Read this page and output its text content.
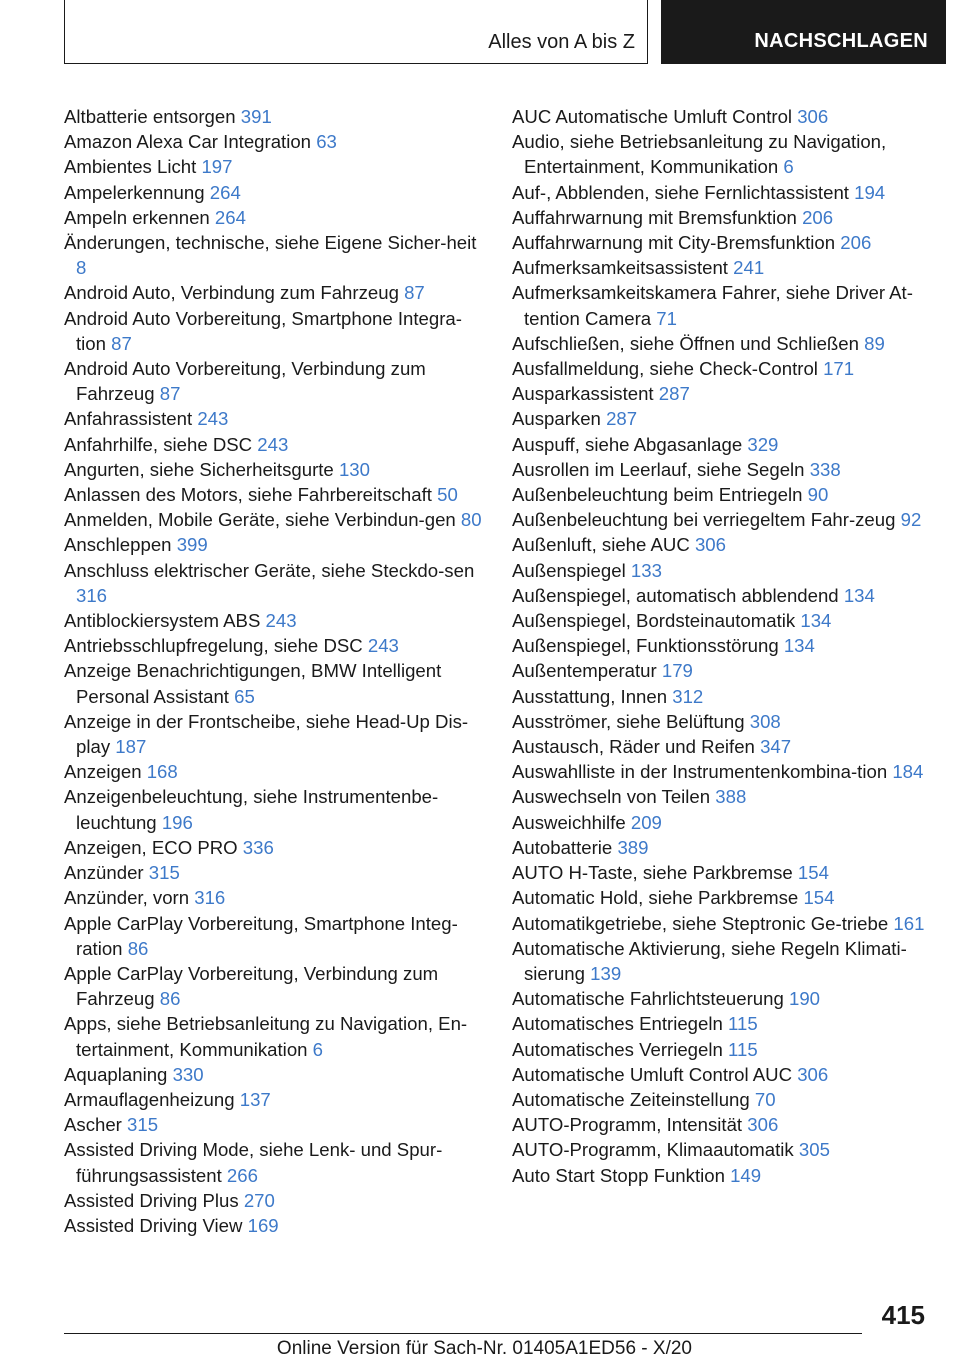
Alles von A bis Z	NACHSCHLAGEN

Altbatterie entsorgen 391

Amazon Alexa Car Integration 63

Ambientes Licht 197

Ampelerkennung 264

Ampeln erkennen 264

Änderungen, technische, siehe Eigene Sicher-heit 8

Android Auto, Verbindung zum Fahrzeug 87

Android Auto Vorbereitung, Smartphone Integra-tion 87

Android Auto Vorbereitung, Verbindung zum Fahrzeug 87

Anfahrassistent 243

Anfahrhilfe, siehe DSC 243

Angurten, siehe Sicherheitsgurte 130

Anlassen des Motors, siehe Fahrbereitschaft 50

Anmelden, Mobile Geräte, siehe Verbindun-gen 80

Anschleppen 399

Anschluss elektrischer Geräte, siehe Steckdo-sen 316

Antiblockiersystem ABS 243

Antriebsschlupfregelung, siehe DSC 243

Anzeige Benachrichtigungen, BMW Intelligent Personal Assistant 65

Anzeige in der Frontscheibe, siehe Head-Up Dis-play 187

Anzeigen 168

Anzeigenbeleuchtung, siehe Instrumentenbe-leuchtung 196

Anzeigen, ECO PRO 336

Anzünder 315

Anzünder, vorn 316

Apple CarPlay Vorbereitung, Smartphone Integ-ration 86

Apple CarPlay Vorbereitung, Verbindung zum Fahrzeug 86

Apps, siehe Betriebsanleitung zu Navigation, En-tertainment, Kommunikation 6

Aquaplaning 330

Armauflagenheizung 137

Ascher 315

Assisted Driving Mode, siehe Lenk- und Spur-führungsassistent 266

Assisted Driving Plus 270

Assisted Driving View 169

AUC Automatische Umluft Control 306

Audio, siehe Betriebsanleitung zu Navigation, Entertainment, Kommunikation 6

Auf-, Abblenden, siehe Fernlichtassistent 194

Auffahrwarnung mit Bremsfunktion 206

Auffahrwarnung mit City-Bremsfunktion 206

Aufmerksamkeitsassistent 241

Aufmerksamkeitskamera Fahrer, siehe Driver At-tention Camera 71

Aufschließen, siehe Öffnen und Schließen 89

Ausfallmeldung, siehe Check-Control 171

Ausparkassistent 287

Ausparken 287

Auspuff, siehe Abgasanlage 329

Ausrollen im Leerlauf, siehe Segeln 338

Außenbeleuchtung beim Entriegeln 90

Außenbeleuchtung bei verriegeltem Fahr-zeug 92

Außenluft, siehe AUC 306

Außenspiegel 133

Außenspiegel, automatisch abblendend 134

Außenspiegel, Bordsteinautomatik 134

Außenspiegel, Funktionsstörung 134

Außentemperatur 179

Ausstattung, Innen 312

Ausströmer, siehe Belüftung 308

Austausch, Räder und Reifen 347

Auswahlliste in der Instrumentenkombina-tion 184

Auswechseln von Teilen 388

Ausweichhilfe 209

Autobatterie 389

AUTO H-Taste, siehe Parkbremse 154

Automatic Hold, siehe Parkbremse 154

Automatikgetriebe, siehe Steptronic Ge-triebe 161

Automatische Aktivierung, siehe Regeln Klimati-sierung 139

Automatische Fahrlichtsteuerung 190

Automatisches Entriegeln 115

Automatisches Verriegeln 115

Automatische Umluft Control AUC 306

Automatische Zeiteinstellung 70

AUTO-Programm, Intensität 306

AUTO-Programm, Klimaautomatik 305

Auto Start Stopp Funktion 149

415
Online Version für Sach-Nr. 01405A1ED56 - X/20
